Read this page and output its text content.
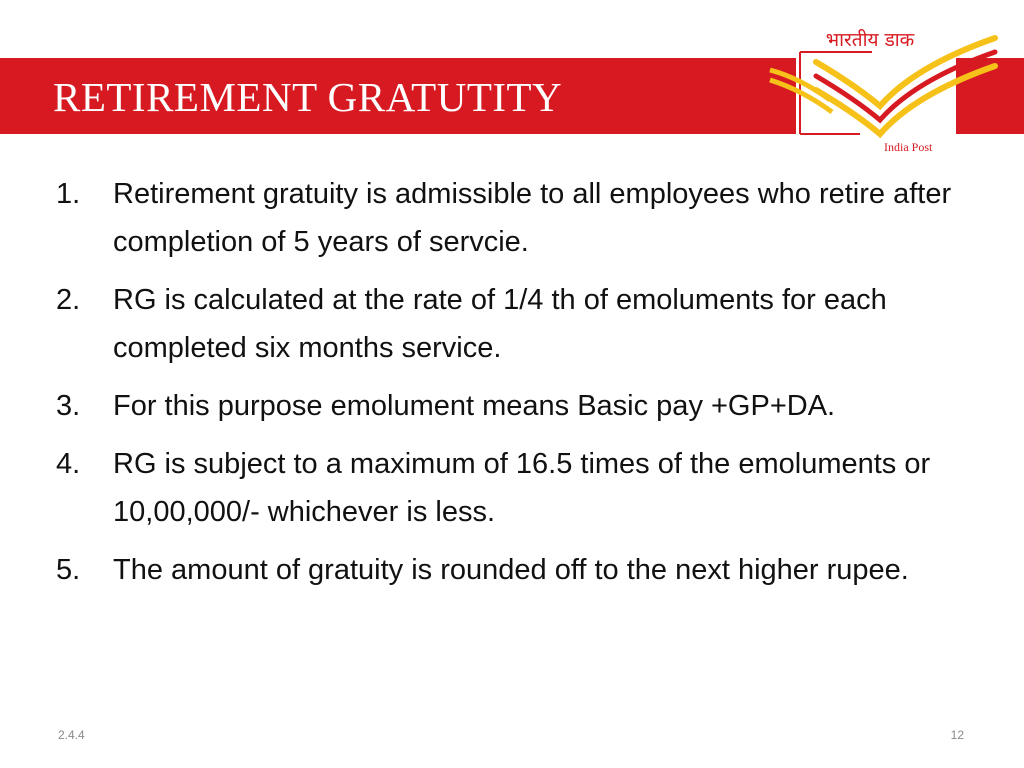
RETIREMENT GRATUTITY
भारतीय डाक
India Post
1.	Retirement gratuity is admissible to all employees who retire after completion of 5 years of servcie.
2.	RG is calculated at the rate of 1/4 th of emoluments for each completed six months service.
3.	For this purpose emolument means Basic pay +GP+DA.
4.	RG is subject to a maximum of 16.5 times of the emoluments or 10,00,000/- whichever is less.
5.	The amount of gratuity is rounded off to the next higher rupee.
2.4.4	12
